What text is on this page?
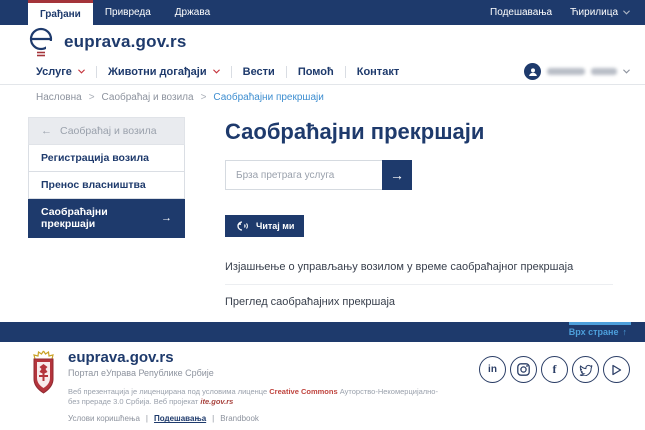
Грађани	Привреда	Држава	Подешавања Ћирилица
euprava.gov.rs
Услуге	Животни догађаји	Вести Помоћ Контакт
Насловна > Саобраћај и возила > Саобраћајни прекршаји
← Саобраћај и возила
Регистрација возила
Пренос власништва
Саобраћајни прекршаји	→
Саобраћајни прекршаји
Брза претрага услуга
→
Читај ми
Изјашњење о управљању возилом у време саобраћајног прекршаја
Преглед саобраћајних прекршаја
Врх стране ↑
euprava.gov.rs
Портал еУправа Републике Србије

Веб презентација је лиценцирана под условима лиценце Creative Commons Ауторство-Некомерцијално-без прераде 3.0 Србија. Веб пројекат ite.gov.rs

Услови коришћења | Подешавања | Brandbook
in	f
